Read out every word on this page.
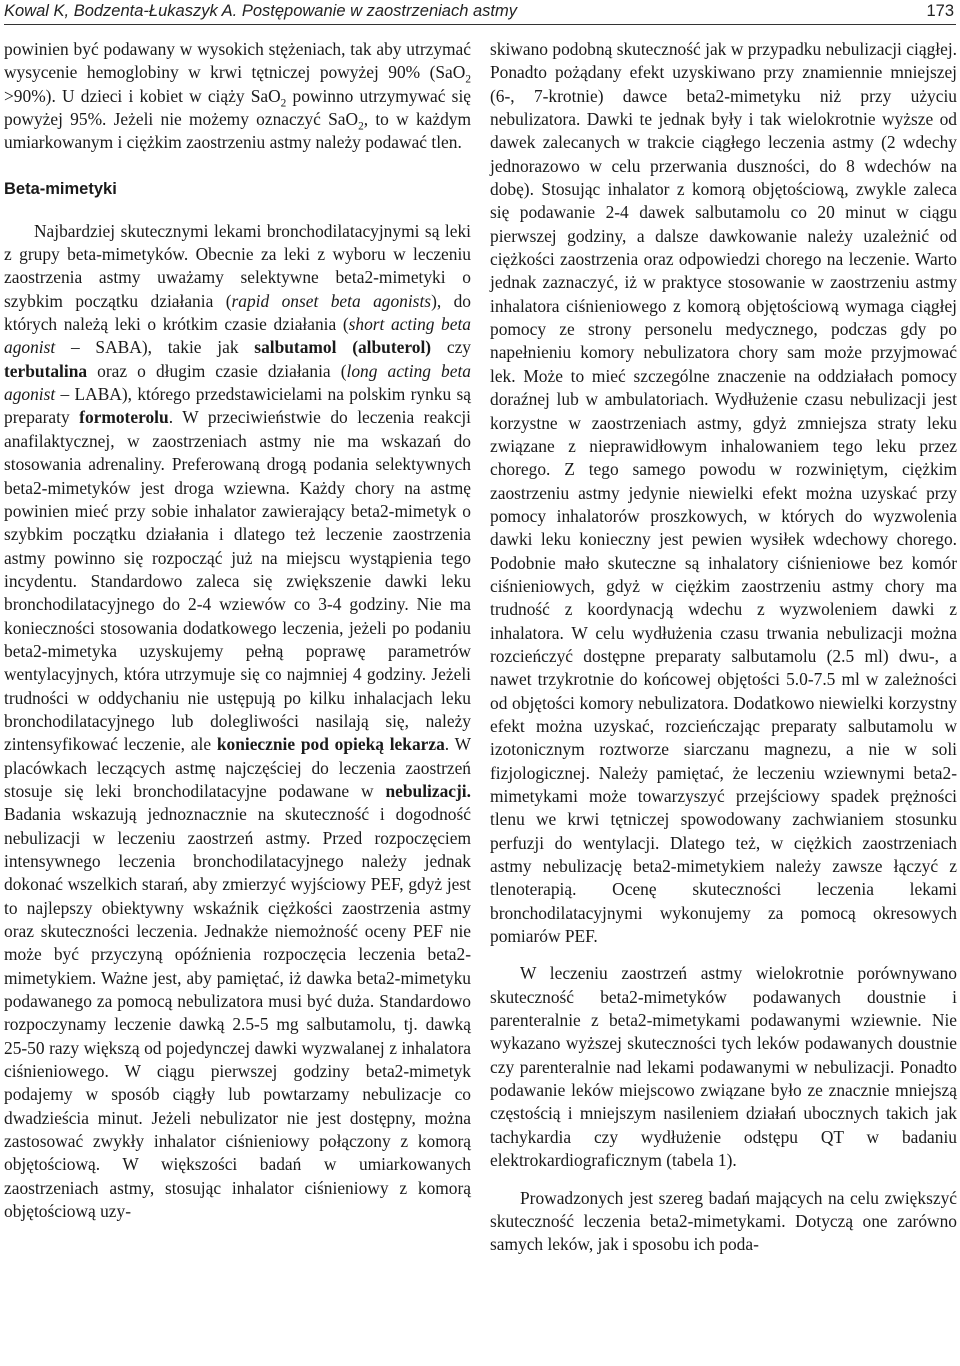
Kowal K, Bodzenta-Łukaszyk A. Postępowanie w zaostrzeniach astmy	173

powinien być podawany w wysokich stężeniach, tak aby utrzymać wysycenie hemoglobiny w krwi tętniczej powyżej 90% (SaO$_2$ >90%). U dzieci i kobiet w ciąży SaO$_2$ powinno utrzymywać się powyżej 95%. Jeżeli nie możemy oznaczyć SaO$_2$, to w każdym umiarkowanym i ciężkim zaostrzeniu astmy należy podawać tlen.

Beta-mimetyki

Najbardziej skutecznymi lekami bronchodilatacyjnymi są leki z grupy beta-mimetyków. Obecnie za leki z wyboru w leczeniu zaostrzenia astmy uważamy selektywne beta2-mimetyki o szybkim początku działania (rapid onset beta agonists), do których należą leki o krótkim czasie działania (short acting beta agonist – SABA), takie jak salbutamol (albuterol) czy terbutalina oraz o długim czasie działania (long acting beta agonist – LABA), którego przedstawicielami na polskim rynku są preparaty formoterolu. W przeciwieństwie do leczenia reakcji anafilaktycznej, w zaostrzeniach astmy nie ma wskazań do stosowania adrenaliny. Preferowaną drogą podania selektywnych beta2-mimetyków jest droga wziewna. Każdy chory na astmę powinien mieć przy sobie inhalator zawierający beta2-mimetyk o szybkim początku działania i dlatego też leczenie zaostrzenia astmy powinno się rozpocząć już na miejscu wystąpienia tego incydentu. Standardowo zaleca się zwiększenie dawki leku bronchodilatacyjnego do 2-4 wziewów co 3-4 godziny. Nie ma konieczności stosowania dodatkowego leczenia, jeżeli po podaniu beta2-mimetyka uzyskujemy pełną poprawę parametrów wentylacyjnych, która utrzymuje się co najmniej 4 godziny. Jeżeli trudności w oddychaniu nie ustępują po kilku inhalacjach leku bronchodilatacyjnego lub dolegliwości nasilają się, należy zintensyfikować leczenie, ale koniecznie pod opieką lekarza. W placówkach leczących astmę najczęściej do leczenia zaostrzeń stosuje się leki bronchodilatacyjne podawane w nebulizacji. Badania wskazują jednoznacznie na skuteczność i dogodność nebulizacji w leczeniu zaostrzeń astmy. Przed rozpoczęciem intensywnego leczenia bronchodilatacyjnego należy jednak dokonać wszelkich starań, aby zmierzyć wyjściowy PEF, gdyż jest to najlepszy obiektywny wskaźnik ciężkości zaostrzenia astmy oraz skuteczności leczenia. Jednakże niemożność oceny PEF nie może być przyczyną opóźnienia rozpoczęcia leczenia beta2-mimetykiem. Ważne jest, aby pamiętać, iż dawka beta2-mimetyku podawanego za pomocą nebulizatora musi być duża. Standardowo rozpoczynamy leczenie dawką 2.5-5 mg salbutamolu, tj. dawką 25-50 razy większą od pojedynczej dawki wyzwalanej z inhalatora ciśnieniowego. W ciągu pierwszej godziny beta2-mimetyk podajemy w sposób ciągły lub powtarzamy nebulizacje co dwadzieścia minut. Jeżeli nebulizator nie jest dostępny, można zastosować zwykły inhalator ciśnieniowy połączony z komorą objętościową. W większości badań w umiarkowanych zaostrzeniach astmy, stosując inhalator ciśnieniowy z komorą objętościową uzy-

skiwano podobną skuteczność jak w przypadku nebulizacji ciągłej. Ponadto pożądany efekt uzyskiwano przy znamiennie mniejszej (6-, 7-krotnie) dawce beta2-mimetyku niż przy użyciu nebulizatora. Dawki te jednak były i tak wielokrotnie wyższe od dawek zalecanych w trakcie ciągłego leczenia astmy (2 wdechy jednorazowo w celu przerwania duszności, do 8 wdechów na dobę). Stosując inhalator z komorą objętościową, zwykle zaleca się podawanie 2-4 dawek salbutamolu co 20 minut w ciągu pierwszej godziny, a dalsze dawkowanie należy uzależnić od ciężkości zaostrzenia oraz odpowiedzi chorego na leczenie. Warto jednak zaznaczyć, iż w praktyce stosowanie w zaostrzeniu astmy inhalatora ciśnieniowego z komorą objętościową wymaga ciągłej pomocy ze strony personelu medycznego, podczas gdy po napełnieniu komory nebulizatora chory sam może przyjmować lek. Może to mieć szczególne znaczenie na oddziałach pomocy doraźnej lub w ambulatoriach. Wydłużenie czasu nebulizacji jest korzystne w zaostrzeniach astmy, gdyż zmniejsza straty leku związane z nieprawidłowym inhalowaniem tego leku przez chorego. Z tego samego powodu w rozwiniętym, ciężkim zaostrzeniu astmy jedynie niewielki efekt można uzyskać przy pomocy inhalatorów proszkowych, w których do wyzwolenia dawki leku konieczny jest pewien wysiłek wdechowy chorego. Podobnie mało skuteczne są inhalatory ciśnieniowe bez komór ciśnieniowych, gdyż w ciężkim zaostrzeniu astmy chory ma trudność z koordynacją wdechu z wyzwoleniem dawki z inhalatora. W celu wydłużenia czasu trwania nebulizacji można rozcieńczyć dostępne preparaty salbutamolu (2.5 ml) dwu-, a nawet trzykrotnie do końcowej objętości 5.0-7.5 ml w zależności od objętości komory nebulizatora. Dodatkowo niewielki korzystny efekt można uzyskać, rozcieńczając preparaty salbutamolu w izotonicznym roztworze siarczanu magnezu, a nie w soli fizjologicznej. Należy pamiętać, że leczeniu wziewnymi beta2-mimetykami może towarzyszyć przejściowy spadek prężności tlenu we krwi tętniczej spowodowany zachwianiem stosunku perfuzji do wentylacji. Dlatego też, w ciężkich zaostrzeniach astmy nebulizację beta2-mimetykiem należy zawsze łączyć z tlenoterapią. Ocenę skuteczności leczenia lekami bronchodilatacyjnymi wykonujemy za pomocą okresowych pomiarów PEF.

W leczeniu zaostrzeń astmy wielokrotnie porównywano skuteczność beta2-mimetyków podawanych doustnie i parenteralnie z beta2-mimetykami podawanymi wziewnie. Nie wykazano wyższej skuteczności tych leków podawanych doustnie czy parenteralnie nad lekami podawanymi w nebulizacji. Ponadto podawanie leków miejscowo związane było ze znacznie mniejszą częstością i mniejszym nasileniem działań ubocznych takich jak tachykardia czy wydłużenie odstępu QT w badaniu elektrokardiograficznym (tabela 1).

Prowadzonych jest szereg badań mających na celu zwiększyć skuteczność leczenia beta2-mimetykami. Dotyczą one zarówno samych leków, jak i sposobu ich poda-
